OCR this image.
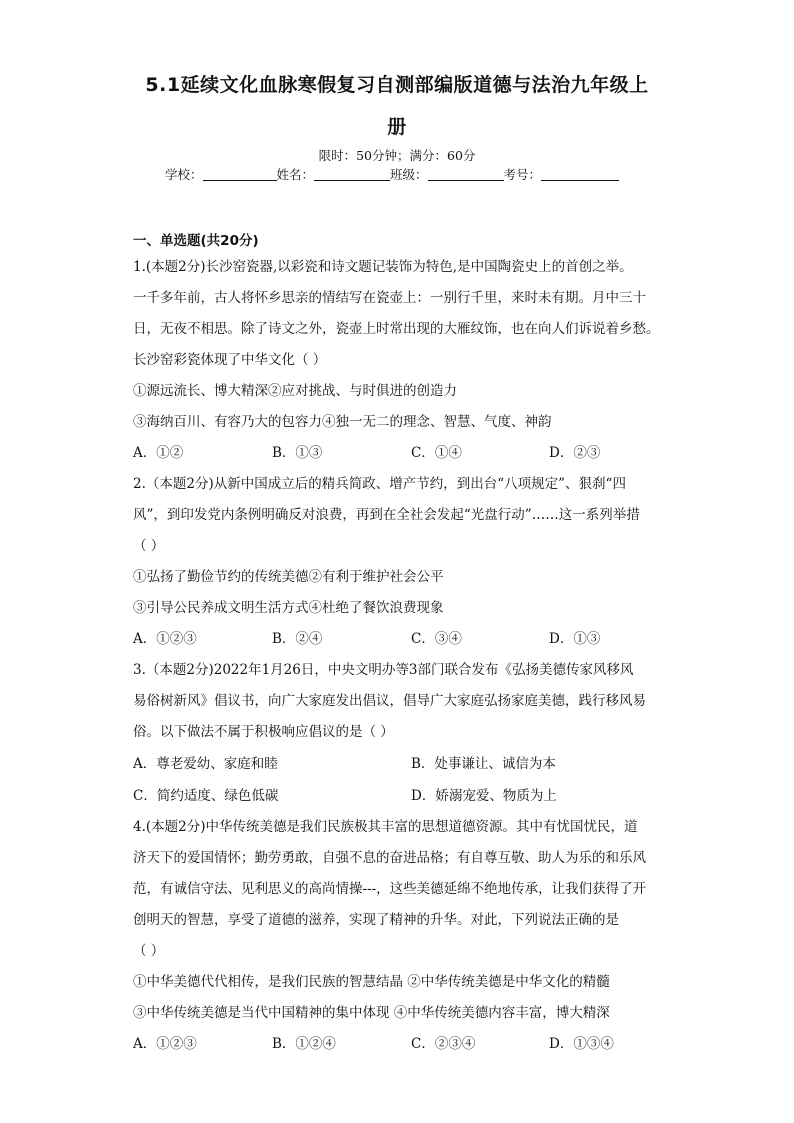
5.1延续文化血脉寒假复习自测部编版道德与法治九年级上
册
限时：50分钟；满分：60分
学校：	姓名：	班级：	考号：
一、单选题(共20分)
1.(本题2分)长沙窑瓷器,以彩瓷和诗文题记装饰为特色,是中国陶瓷史上的首创之举。
一千多年前，古人将怀乡思亲的情结写在瓷壶上：一别行千里，来时未有期。月中三十
日，无夜不相思。除了诗文之外，瓷壶上时常出现的大雁纹饰，也在向人们诉说着乡愁。
长沙窑彩瓷体现了中华文化（ ）
①源远流长、博大精深②应对挑战、与时俱进的创造力
③海纳百川、有容乃大的包容力④独一无二的理念、智慧、气度、神韵
A．①②	B．①③	C．①④	D．②③
2.（本题2分)从新中国成立后的精兵简政、增产节约，到出台“八项规定”、狠刹“四
风”，到印发党内条例明确反对浪费，再到在全社会发起“光盘行动”……这一系列举措
（ ）
①弘扬了勤俭节约的传统美德②有利于维护社会公平
③引导公民养成文明生活方式④杜绝了餐饮浪费现象
A．①②③	B．②④	C．③④	D．①③
3.（本题2分)2022年1月26日，中央文明办等3部门联合发布《弘扬美德传家风移风
易俗树新风》倡议书，向广大家庭发出倡议，倡导广大家庭弘扬家庭美德，践行移风易
俗。以下做法不属于积极响应倡议的是（ ）
A．尊老爱幼、家庭和睦	B．处事谦让、诚信为本
C．简约适度、绿色低碳	D．娇溺宠爱、物质为上
4.(本题2分)中华传统美德是我们民族极其丰富的思想道德资源。其中有忧国忧民，道
济天下的爱国情怀；勤劳勇敢，自强不息的奋进品格；有自尊互敬、助人为乐的和乐风
范，有诚信守法、见利思义的高尚情操---，这些美德延绵不绝地传承，让我们获得了开
创明天的智慧，享受了道德的滋养，实现了精神的升华。对此，下列说法正确的是
（ ）
①中华美德代代相传，是我们民族的智慧结晶 ②中华传统美德是中华文化的精髓
③中华传统美德是当代中国精神的集中体现 ④中华传统美德内容丰富，博大精深
A．①②③	B．①②④	C．②③④	D．①③④
